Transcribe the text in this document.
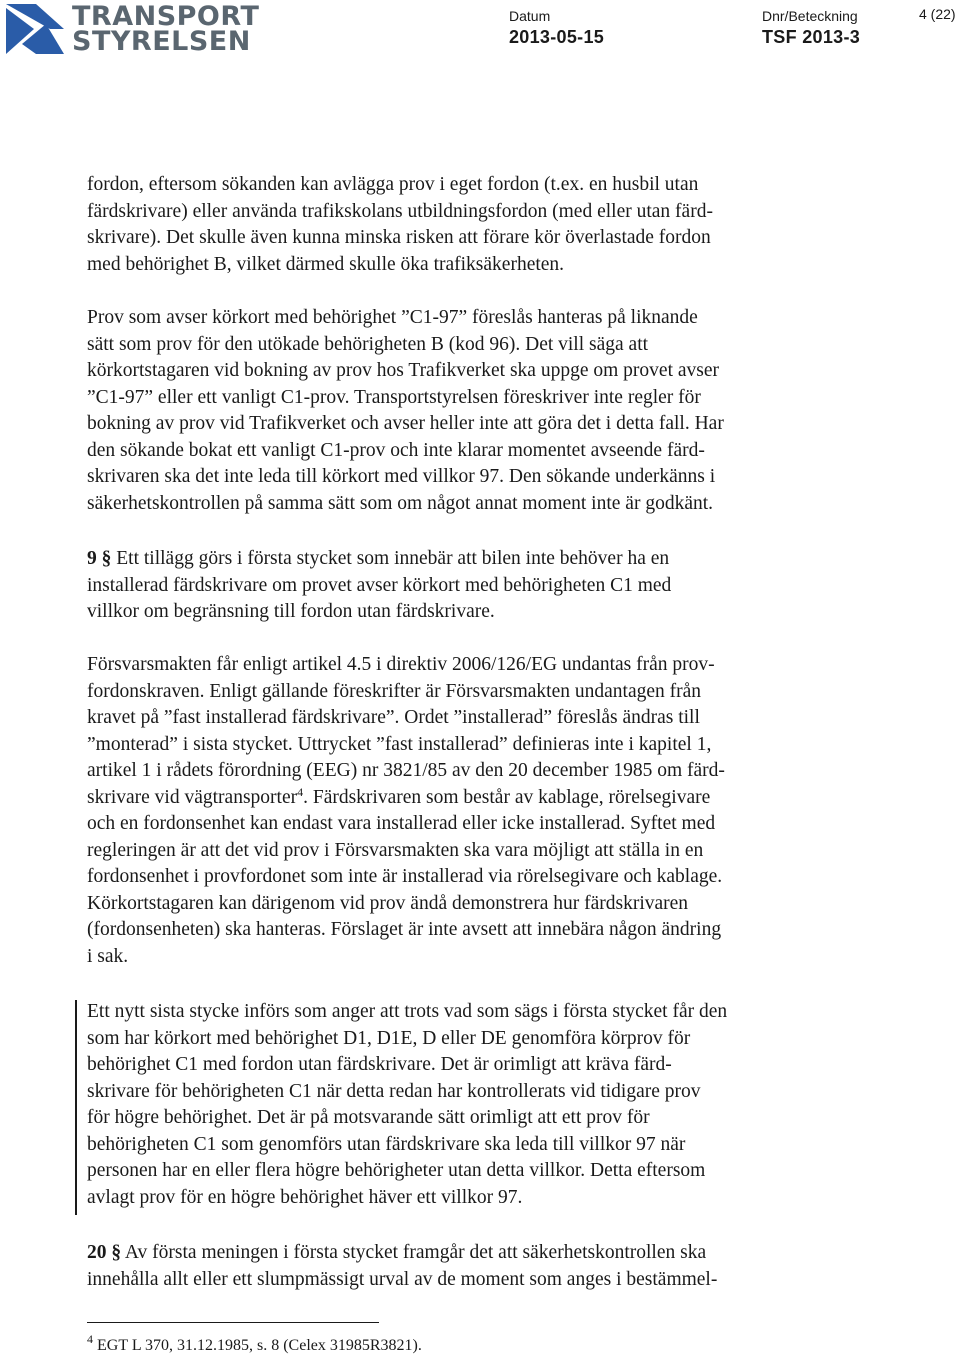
TRANSPORT
STYRELSEN
Datum
2013-05-15
Dnr/Beteckning
TSF 2013-3
4 (22)
fordon, eftersom sökanden kan avlägga prov i eget fordon (t.ex. en husbil utan
färdskrivare) eller använda trafikskolans utbildningsfordon (med eller utan färd-
skrivare). Det skulle även kunna minska risken att förare kör överlastade fordon
med behörighet B, vilket därmed skulle öka trafiksäkerheten.
Prov som avser körkort med behörighet ”C1-97” föreslås hanteras på liknande
sätt som prov för den utökade behörigheten B (kod 96). Det vill säga att
körkortstagaren vid bokning av prov hos Trafikverket ska uppge om provet avser
”C1-97” eller ett vanligt C1-prov. Transportstyrelsen föreskriver inte regler för
bokning av prov vid Trafikverket och avser heller inte att göra det i detta fall. Har
den sökande bokat ett vanligt C1-prov och inte klarar momentet avseende färd-
skrivaren ska det inte leda till körkort med villkor 97. Den sökande underkänns i
säkerhetskontrollen på samma sätt som om något annat moment inte är godkänt.
9 § Ett tillägg görs i första stycket som innebär att bilen inte behöver ha en
installerad färdskrivare om provet avser körkort med behörigheten C1 med
villkor om begränsning till fordon utan färdskrivare.
Försvarsmakten får enligt artikel 4.5 i direktiv 2006/126/EG undantas från prov-
fordonskraven. Enligt gällande föreskrifter är Försvarsmakten undantagen från
kravet på ”fast installerad färdskrivare”. Ordet ”installerad” föreslås ändras till
”monterad” i sista stycket. Uttrycket ”fast installerad” definieras inte i kapitel 1,
artikel 1 i rådets förordning (EEG) nr 3821/85 av den 20 december 1985 om färd-
skrivare vid vägtransporter$^4$. Färdskrivaren som består av kablage, rörelsegivare
och en fordonsenhet kan endast vara installerad eller icke installerad. Syftet med
regleringen är att det vid prov i Försvarsmakten ska vara möjligt att ställa in en
fordonsenhet i provfordonet som inte är installerad via rörelsegivare och kablage.
Körkortstagaren kan därigenom vid prov ändå demonstrera hur färdskrivaren
(fordonsenheten) ska hanteras. Förslaget är inte avsett att innebära någon ändring
i sak.
Ett nytt sista stycke införs som anger att trots vad som sägs i första stycket får den
som har körkort med behörighet D1, D1E, D eller DE genomföra körprov för
behörighet C1 med fordon utan färdskrivare. Det är orimligt att kräva färd-
skrivare för behörigheten C1 när detta redan har kontrollerats vid tidigare prov
för högre behörighet. Det är på motsvarande sätt orimligt att ett prov för
behörigheten C1 som genomförs utan färdskrivare ska leda till villkor 97 när
personen har en eller flera högre behörigheter utan detta villkor. Detta eftersom
avlagt prov för en högre behörighet häver ett villkor 97.
20 § Av första meningen i första stycket framgår det att säkerhetskontrollen ska
innehålla allt eller ett slumpmässigt urval av de moment som anges i bestämmel-
$^4$ EGT L 370, 31.12.1985, s. 8 (Celex 31985R3821).
